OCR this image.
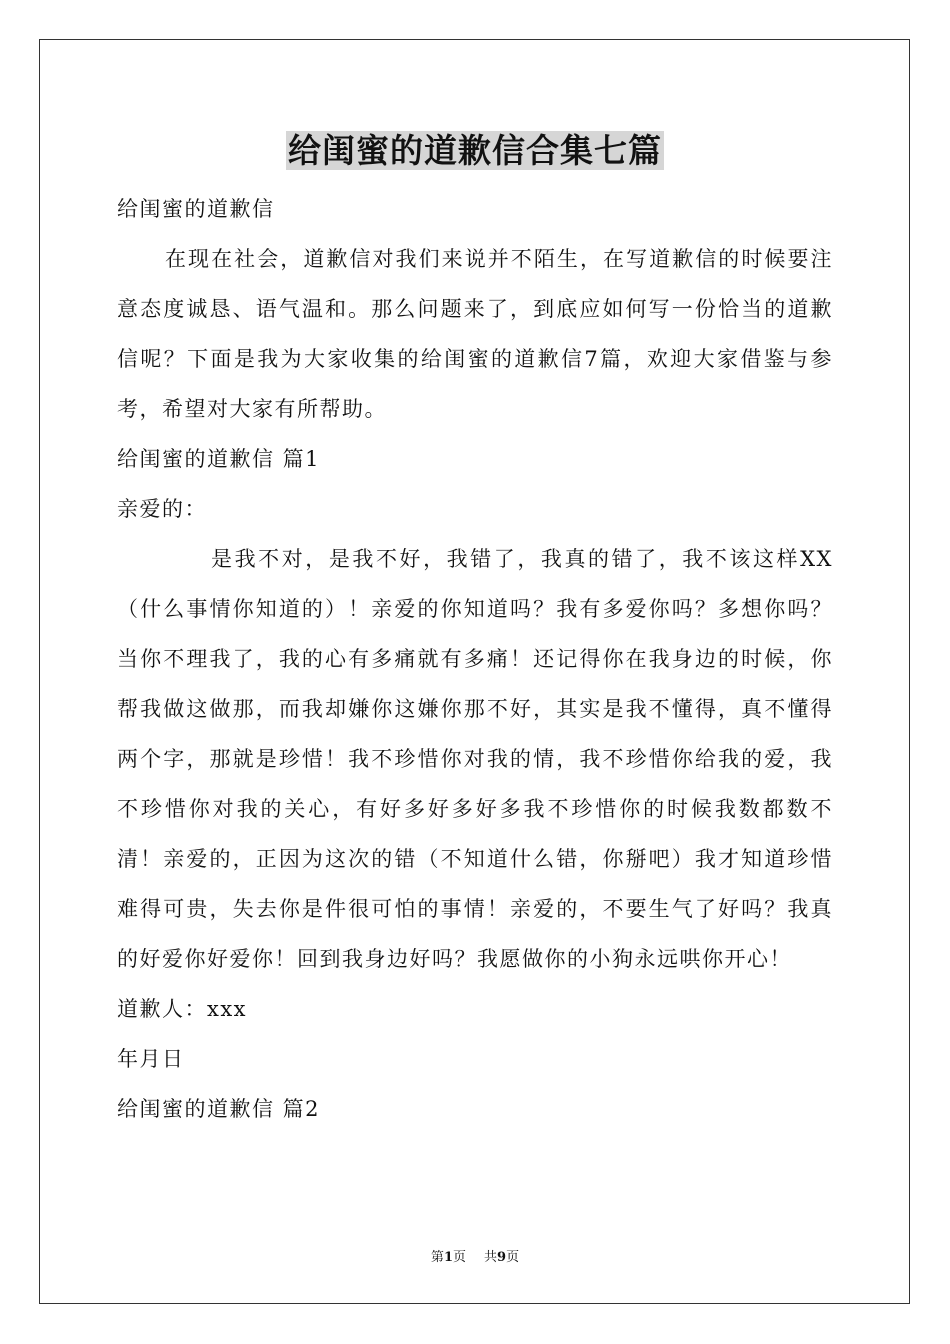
给闺蜜的道歉信合集七篇

给闺蜜的道歉信

在现在社会，道歉信对我们来说并不陌生，在写道歉信的时候要注意态度诚恳、语气温和。那么问题来了，到底应如何写一份恰当的道歉信呢？下面是我为大家收集的给闺蜜的道歉信7篇，欢迎大家借鉴与参考，希望对大家有所帮助。

给闺蜜的道歉信 篇1

亲爱的：

是我不对，是我不好，我错了，我真的错了，我不该这样XX（什么事情你知道的）！亲爱的你知道吗？我有多爱你吗？多想你吗？当你不理我了，我的心有多痛就有多痛！还记得你在我身边的时候，你帮我做这做那，而我却嫌你这嫌你那不好，其实是我不懂得，真不懂得两个字，那就是珍惜！我不珍惜你对我的情，我不珍惜你给我的爱，我不珍惜你对我的关心，有好多好多好多我不珍惜你的时候我数都数不清！亲爱的，正因为这次的错（不知道什么错，你掰吧）我才知道珍惜难得可贵，失去你是件很可怕的事情！亲爱的，不要生气了好吗？我真的好爱你好爱你！回到我身边好吗？我愿做你的小狗永远哄你开心！

道歉人：xxx

年月日

给闺蜜的道歉信 篇2

第1页 共9页
